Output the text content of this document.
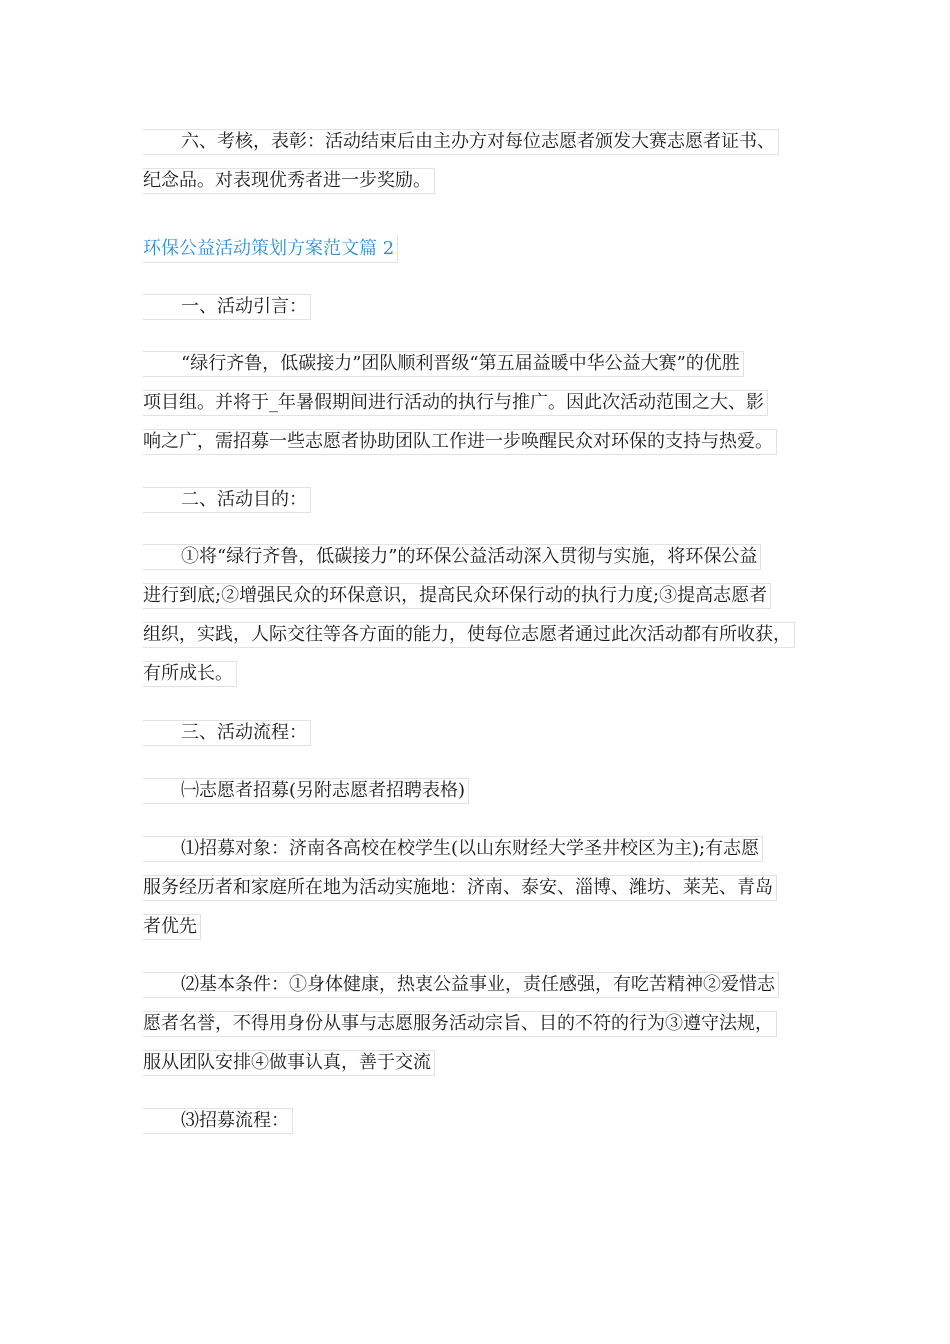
六、考核，表彰：活动结束后由主办方对每位志愿者颁发大赛志愿者证书、
纪念品。对表现优秀者进一步奖励。
环保公益活动策划方案范文篇 2
一、活动引言：
“绿行齐鲁，低碳接力”团队顺利晋级“第五届益暖中华公益大赛”的优胜
项目组。并将于_年暑假期间进行活动的执行与推广。因此次活动范围之大、影
响之广，需招募一些志愿者协助团队工作进一步唤醒民众对环保的支持与热爱。
二、活动目的：
①将“绿行齐鲁，低碳接力”的环保公益活动深入贯彻与实施，将环保公益
进行到底;②增强民众的环保意识，提高民众环保行动的执行力度;③提高志愿者
组织，实践，人际交往等各方面的能力，使每位志愿者通过此次活动都有所收获，
有所成长。
三、活动流程：
㈠志愿者招募(另附志愿者招聘表格)
⑴招募对象：济南各高校在校学生(以山东财经大学圣井校区为主);有志愿
服务经历者和家庭所在地为活动实施地：济南、泰安、淄博、潍坊、莱芜、青岛
者优先
⑵基本条件：①身体健康，热衷公益事业，责任感强，有吃苦精神②爱惜志
愿者名誉，不得用身份从事与志愿服务活动宗旨、目的不符的行为③遵守法规，
服从团队安排④做事认真，善于交流
⑶招募流程：
